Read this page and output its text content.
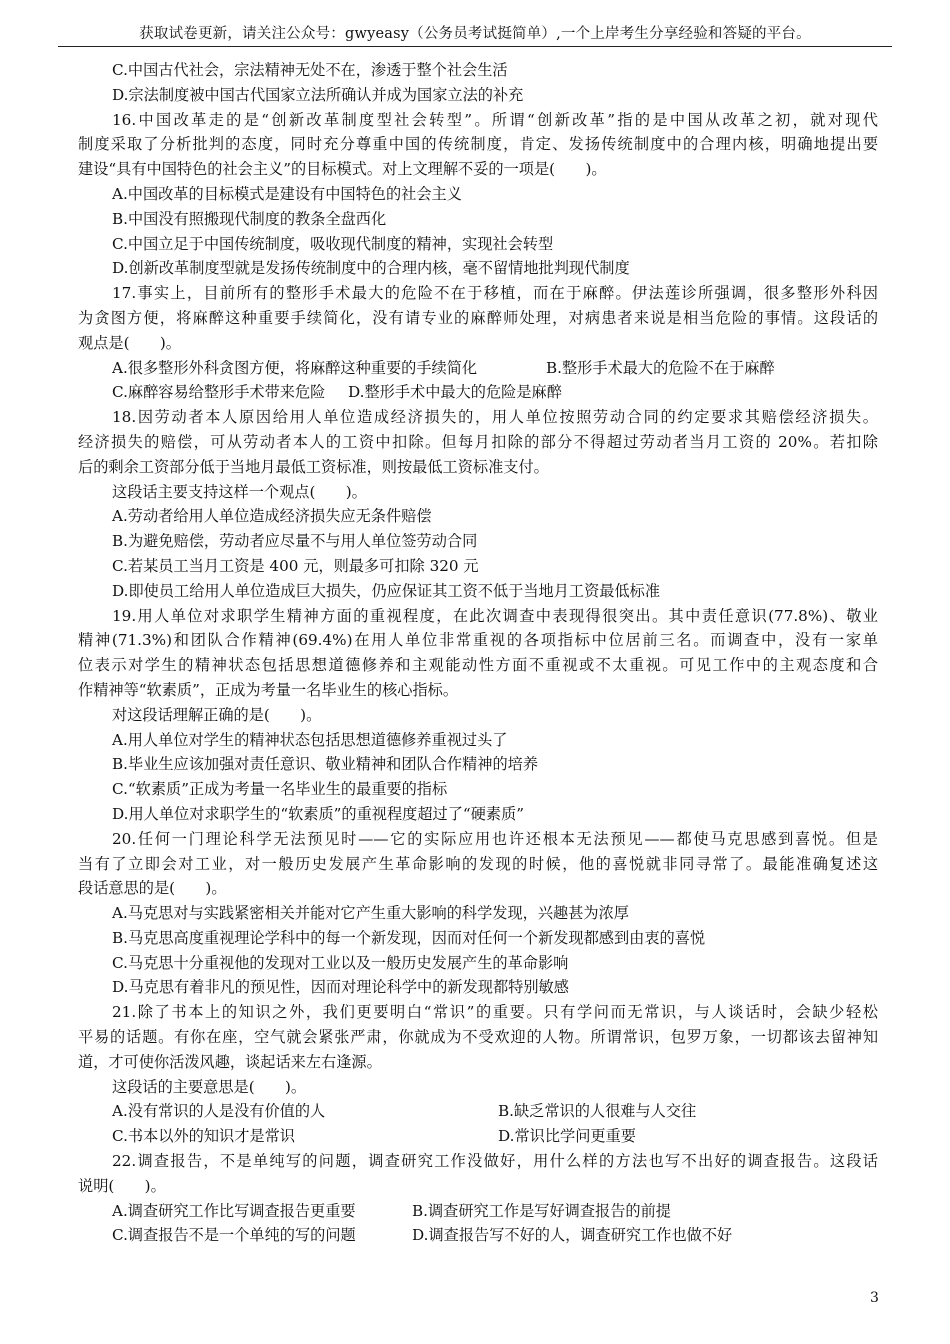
获取试卷更新，请关注公众号：gwyeasy（公务员考试挺简单）,一个上岸考生分享经验和答疑的平台。
C.中国古代社会，宗法精神无处不在，渗透于整个社会生活
D.宗法制度被中国古代国家立法所确认并成为国家立法的补充
16.中国改革走的是“创新改革制度型社会转型”。所谓“创新改革”指的是中国从改革之初，就对现代
制度采取了分析批判的态度，同时充分尊重中国的传统制度，肯定、发扬传统制度中的合理内核，明确地提出要
建设“具有中国特色的社会主义”的目标模式。对上文理解不妥的一项是(　　)。
A.中国改革的目标模式是建设有中国特色的社会主义
B.中国没有照搬现代制度的教条全盘西化
C.中国立足于中国传统制度，吸收现代制度的精神，实现社会转型
D.创新改革制度型就是发扬传统制度中的合理内核，毫不留情地批判现代制度
17.事实上，目前所有的整形手术最大的危险不在于移植，而在于麻醉。伊法莲诊所强调，很多整形外科因
为贪图方便，将麻醉这种重要手续简化，没有请专业的麻醉师处理，对病患者来说是相当危险的事情。这段话的
观点是(　　)。
A.很多整形外科贪图方便，将麻醉这种重要的手续简化	B.整形手术最大的危险不在于麻醉
C.麻醉容易给整形手术带来危险	D.整形手术中最大的危险是麻醉
18.因劳动者本人原因给用人单位造成经济损失的，用人单位按照劳动合同的约定要求其赔偿经济损失。
经济损失的赔偿，可从劳动者本人的工资中扣除。但每月扣除的部分不得超过劳动者当月工资的 20%。若扣除
后的剩余工资部分低于当地月最低工资标准，则按最低工资标准支付。
这段话主要支持这样一个观点(　　)。
A.劳动者给用人单位造成经济损失应无条件赔偿
B.为避免赔偿，劳动者应尽量不与用人单位签劳动合同
C.若某员工当月工资是 400 元，则最多可扣除 320 元
D.即使员工给用人单位造成巨大损失，仍应保证其工资不低于当地月工资最低标准
19.用人单位对求职学生精神方面的重视程度，在此次调查中表现得很突出。其中责任意识(77.8%)、敬业
精神(71.3%)和团队合作精神(69.4%)在用人单位非常重视的各项指标中位居前三名。而调查中，没有一家单
位表示对学生的精神状态包括思想道德修养和主观能动性方面不重视或不太重视。可见工作中的主观态度和合
作精神等“软素质”，正成为考量一名毕业生的核心指标。
对这段话理解正确的是(　　)。
A.用人单位对学生的精神状态包括思想道德修养重视过头了
B.毕业生应该加强对责任意识、敬业精神和团队合作精神的培养
C.“软素质”正成为考量一名毕业生的最重要的指标
D.用人单位对求职学生的“软素质”的重视程度超过了“硬素质”
20.任何一门理论科学无法预见时——它的实际应用也许还根本无法预见——都使马克思感到喜悦。但是
当有了立即会对工业，对一般历史发展产生革命影响的发现的时候，他的喜悦就非同寻常了。最能准确复述这
段话意思的是(　　)。
A.马克思对与实践紧密相关并能对它产生重大影响的科学发现，兴趣甚为浓厚
B.马克思高度重视理论学科中的每一个新发现，因而对任何一个新发现都感到由衷的喜悦
C.马克思十分重视他的发现对工业以及一般历史发展产生的革命影响
D.马克思有着非凡的预见性，因而对理论科学中的新发现都特别敏感
21.除了书本上的知识之外，我们更要明白“常识”的重要。只有学问而无常识，与人谈话时，会缺少轻松
平易的话题。有你在座，空气就会紧张严肃，你就成为不受欢迎的人物。所谓常识，包罗万象，一切都该去留神知
道，才可使你活泼风趣，谈起话来左右逢源。
这段话的主要意思是(　　)。
A.没有常识的人是没有价值的人	B.缺乏常识的人很难与人交往
C.书本以外的知识才是常识	D.常识比学问更重要
22.调查报告，不是单纯写的问题，调查研究工作没做好，用什么样的方法也写不出好的调查报告。这段话
说明(　　)。
A.调查研究工作比写调查报告更重要	B.调查研究工作是写好调查报告的前提
C.调查报告不是一个单纯的写的问题	D.调查报告写不好的人，调查研究工作也做不好
3
